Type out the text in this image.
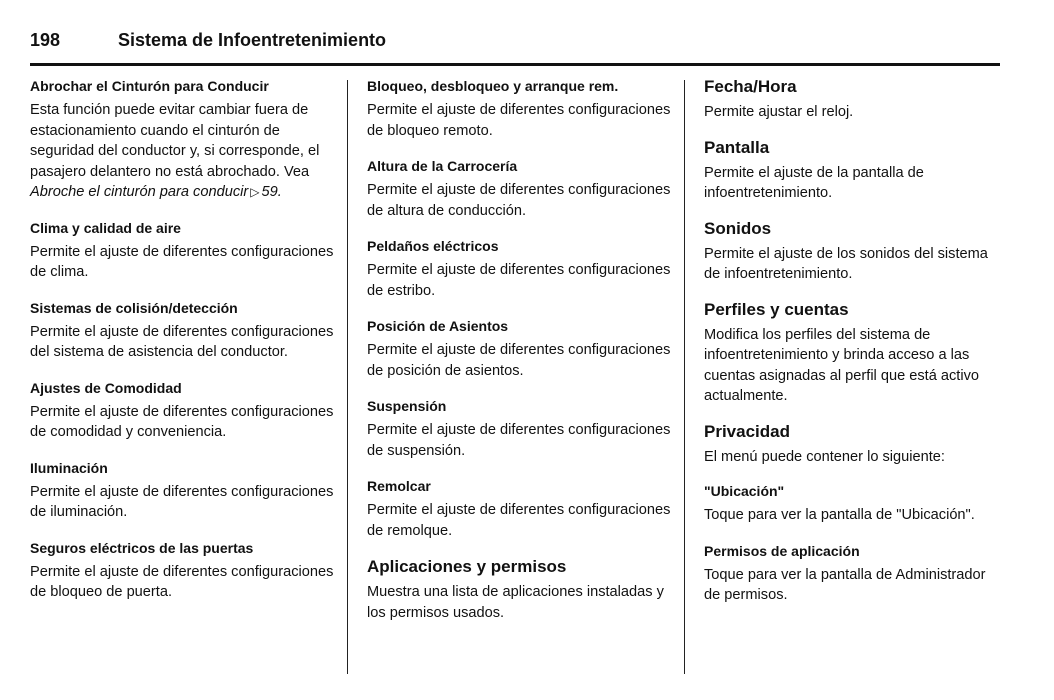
198	Sistema de Infoentretenimiento
Abrochar el Cinturón para Conducir

Esta función puede evitar cambiar fuera de estacionamiento cuando el cinturón de seguridad del conductor y, si corresponde, el pasajero delantero no está abrochado. Vea Abroche el cinturón para conducir ▷ 59.

Clima y calidad de aire

Permite el ajuste de diferentes configuraciones de clima.

Sistemas de colisión/detección

Permite el ajuste de diferentes configuraciones del sistema de asistencia del conductor.

Ajustes de Comodidad

Permite el ajuste de diferentes configuraciones de comodidad y conveniencia.

Iluminación

Permite el ajuste de diferentes configuraciones de iluminación.

Seguros eléctricos de las puertas

Permite el ajuste de diferentes configuraciones de bloqueo de puerta.

Bloqueo, desbloqueo y arranque rem.

Permite el ajuste de diferentes configuraciones de bloqueo remoto.

Altura de la Carrocería

Permite el ajuste de diferentes configuraciones de altura de conducción.

Peldaños eléctricos

Permite el ajuste de diferentes configuraciones de estribo.

Posición de Asientos

Permite el ajuste de diferentes configuraciones de posición de asientos.

Suspensión

Permite el ajuste de diferentes configuraciones de suspensión.

Remolcar

Permite el ajuste de diferentes configuraciones de remolque.

Aplicaciones y permisos

Muestra una lista de aplicaciones instaladas y los permisos usados.

Fecha/Hora

Permite ajustar el reloj.

Pantalla

Permite el ajuste de la pantalla de infoentretenimiento.

Sonidos

Permite el ajuste de los sonidos del sistema de infoentretenimiento.

Perfiles y cuentas

Modifica los perfiles del sistema de infoentretenimiento y brinda acceso a las cuentas asignadas al perfil que está activo actualmente.

Privacidad

El menú puede contener lo siguiente:

"Ubicación"

Toque para ver la pantalla de "Ubicación".

Permisos de aplicación

Toque para ver la pantalla de Administrador de permisos.
